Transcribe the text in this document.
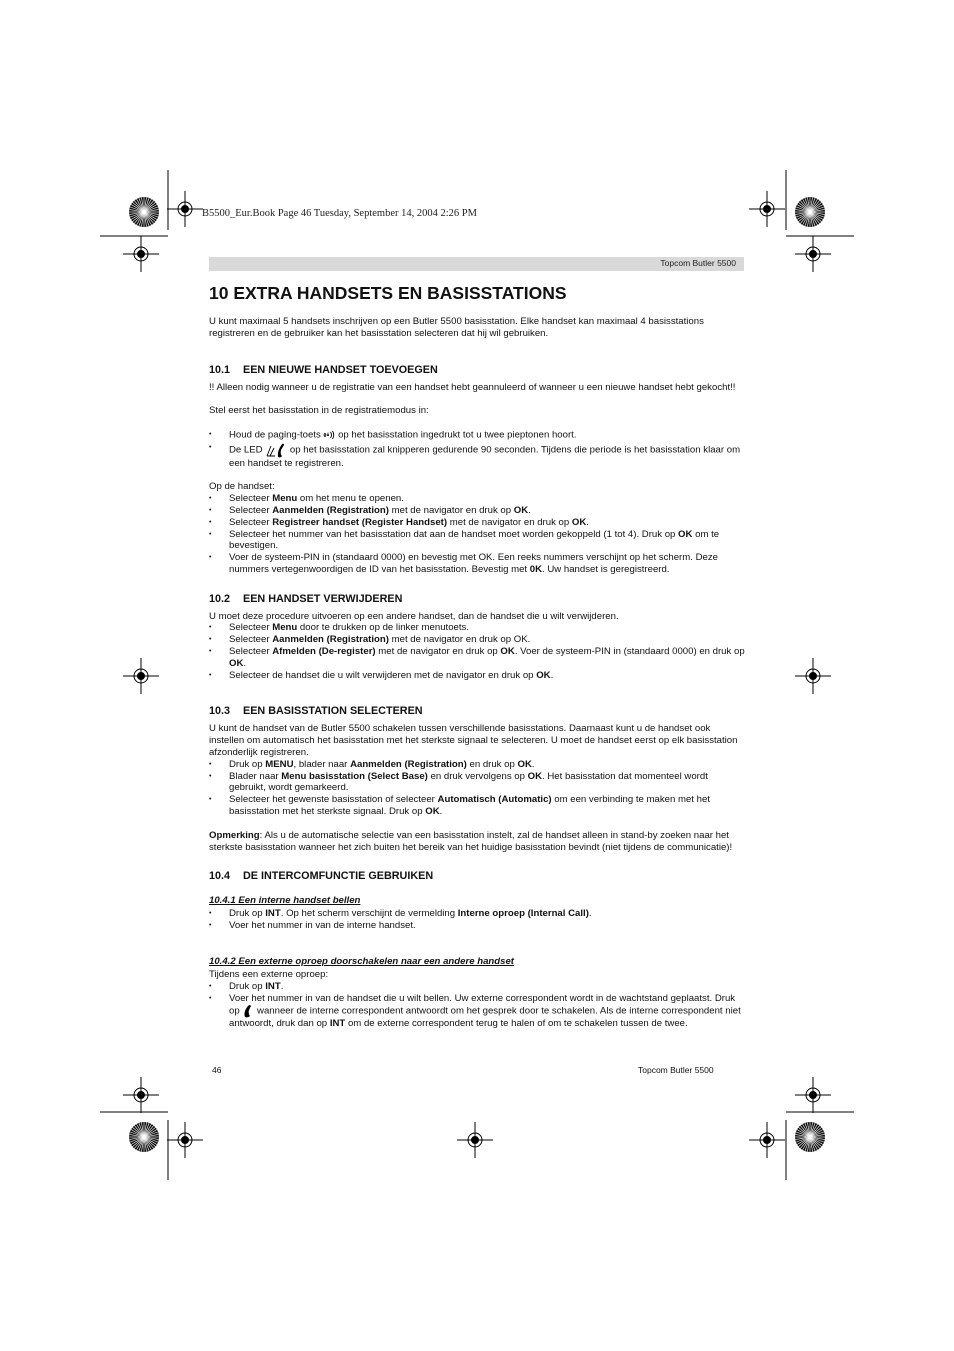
B5500_Eur.Book Page 46 Tuesday, September 14, 2004 2:26 PM
Topcom Butler 5500
10 EXTRA HANDSETS EN BASISSTATIONS

U kunt maximaal 5 handsets inschrijven op een Butler 5500 basisstation. Elke handset kan maximaal 4 basisstations registreren en de gebruiker kan het basisstation selecteren dat hij wil gebruiken.

10.1 EEN NIEUWE HANDSET TOEVOEGEN

!! Alleen nodig wanneer u de registratie van een handset hebt geannuleerd of wanneer u een nieuwe handset hebt gekocht!!

Stel eerst het basisstation in de registratiemodus in:

• Houd de paging-toets  op het basisstation ingedrukt tot u twee pieptonen hoort.
• De LED  op het basisstation zal knipperen gedurende 90 seconden. Tijdens die periode is het basisstation klaar om een handset te registreren.

Op de handset:

• Selecteer Menu om het menu te openen.
• Selecteer Aanmelden (Registration) met de navigator en druk op OK.
• Selecteer Registreer handset (Register Handset) met de navigator en druk op OK.
• Selecteer het nummer van het basisstation dat aan de handset moet worden gekoppeld (1 tot 4). Druk op OK om te bevestigen.
• Voer de systeem-PIN in (standaard 0000) en bevestig met OK. Een reeks nummers verschijnt op het scherm. Deze nummers vertegenwoordigen de ID van het basisstation. Bevestig met 0K. Uw handset is geregistreerd.
10.2 EEN HANDSET VERWIJDEREN

U moet deze procedure uitvoeren op een andere handset, dan de handset die u wilt verwijderen.

• Selecteer Menu door te drukken op de linker menutoets.
• Selecteer Aanmelden (Registration) met de navigator en druk op OK.
• Selecteer Afmelden (De-register) met de navigator en druk op OK. Voer de systeem-PIN in (standaard 0000) en druk op OK.
• Selecteer de handset die u wilt verwijderen met de navigator en druk op OK.
10.3 EEN BASISSTATION SELECTEREN

U kunt de handset van de Butler 5500 schakelen tussen verschillende basisstations. Daarnaast kunt u de handset ook instellen om automatisch het basisstation met het sterkste signaal te selecteren. U moet de handset eerst op elk basisstation afzonderlijk registreren.

• Druk op MENU, blader naar Aanmelden (Registration) en druk op OK.
• Blader naar Menu basisstation (Select Base) en druk vervolgens op OK. Het basisstation dat momenteel wordt gebruikt, wordt gemarkeerd.
• Selecteer het gewenste basisstation of selecteer Automatisch (Automatic) om een verbinding te maken met het basisstation met het sterkste signaal. Druk op OK.

Opmerking: Als u de automatische selectie van een basisstation instelt, zal de handset alleen in stand-by zoeken naar het sterkste basisstation wanneer het zich buiten het bereik van het huidige basisstation bevindt (niet tijdens de communicatie)!

10.4 DE INTERCOMFUNCTIE GEBRUIKEN
10.4.1 Een interne handset bellen
• Druk op INT. Op het scherm verschijnt de vermelding Interne oproep (Internal Call).
• Voer het nummer in van de interne handset.
10.4.2 Een externe oproep doorschakelen naar een andere handset

Tijdens een externe oproep:

• Druk op INT.
• Voer het nummer in van de handset die u wilt bellen. Uw externe correspondent wordt in de wachtstand geplaatst. Druk op  wanneer de interne correspondent antwoordt om het gesprek door te schakelen. Als de interne correspondent niet antwoordt, druk dan op INT om de externe correspondent terug te halen of om te schakelen tussen de twee.
46	Topcom Butler 5500
